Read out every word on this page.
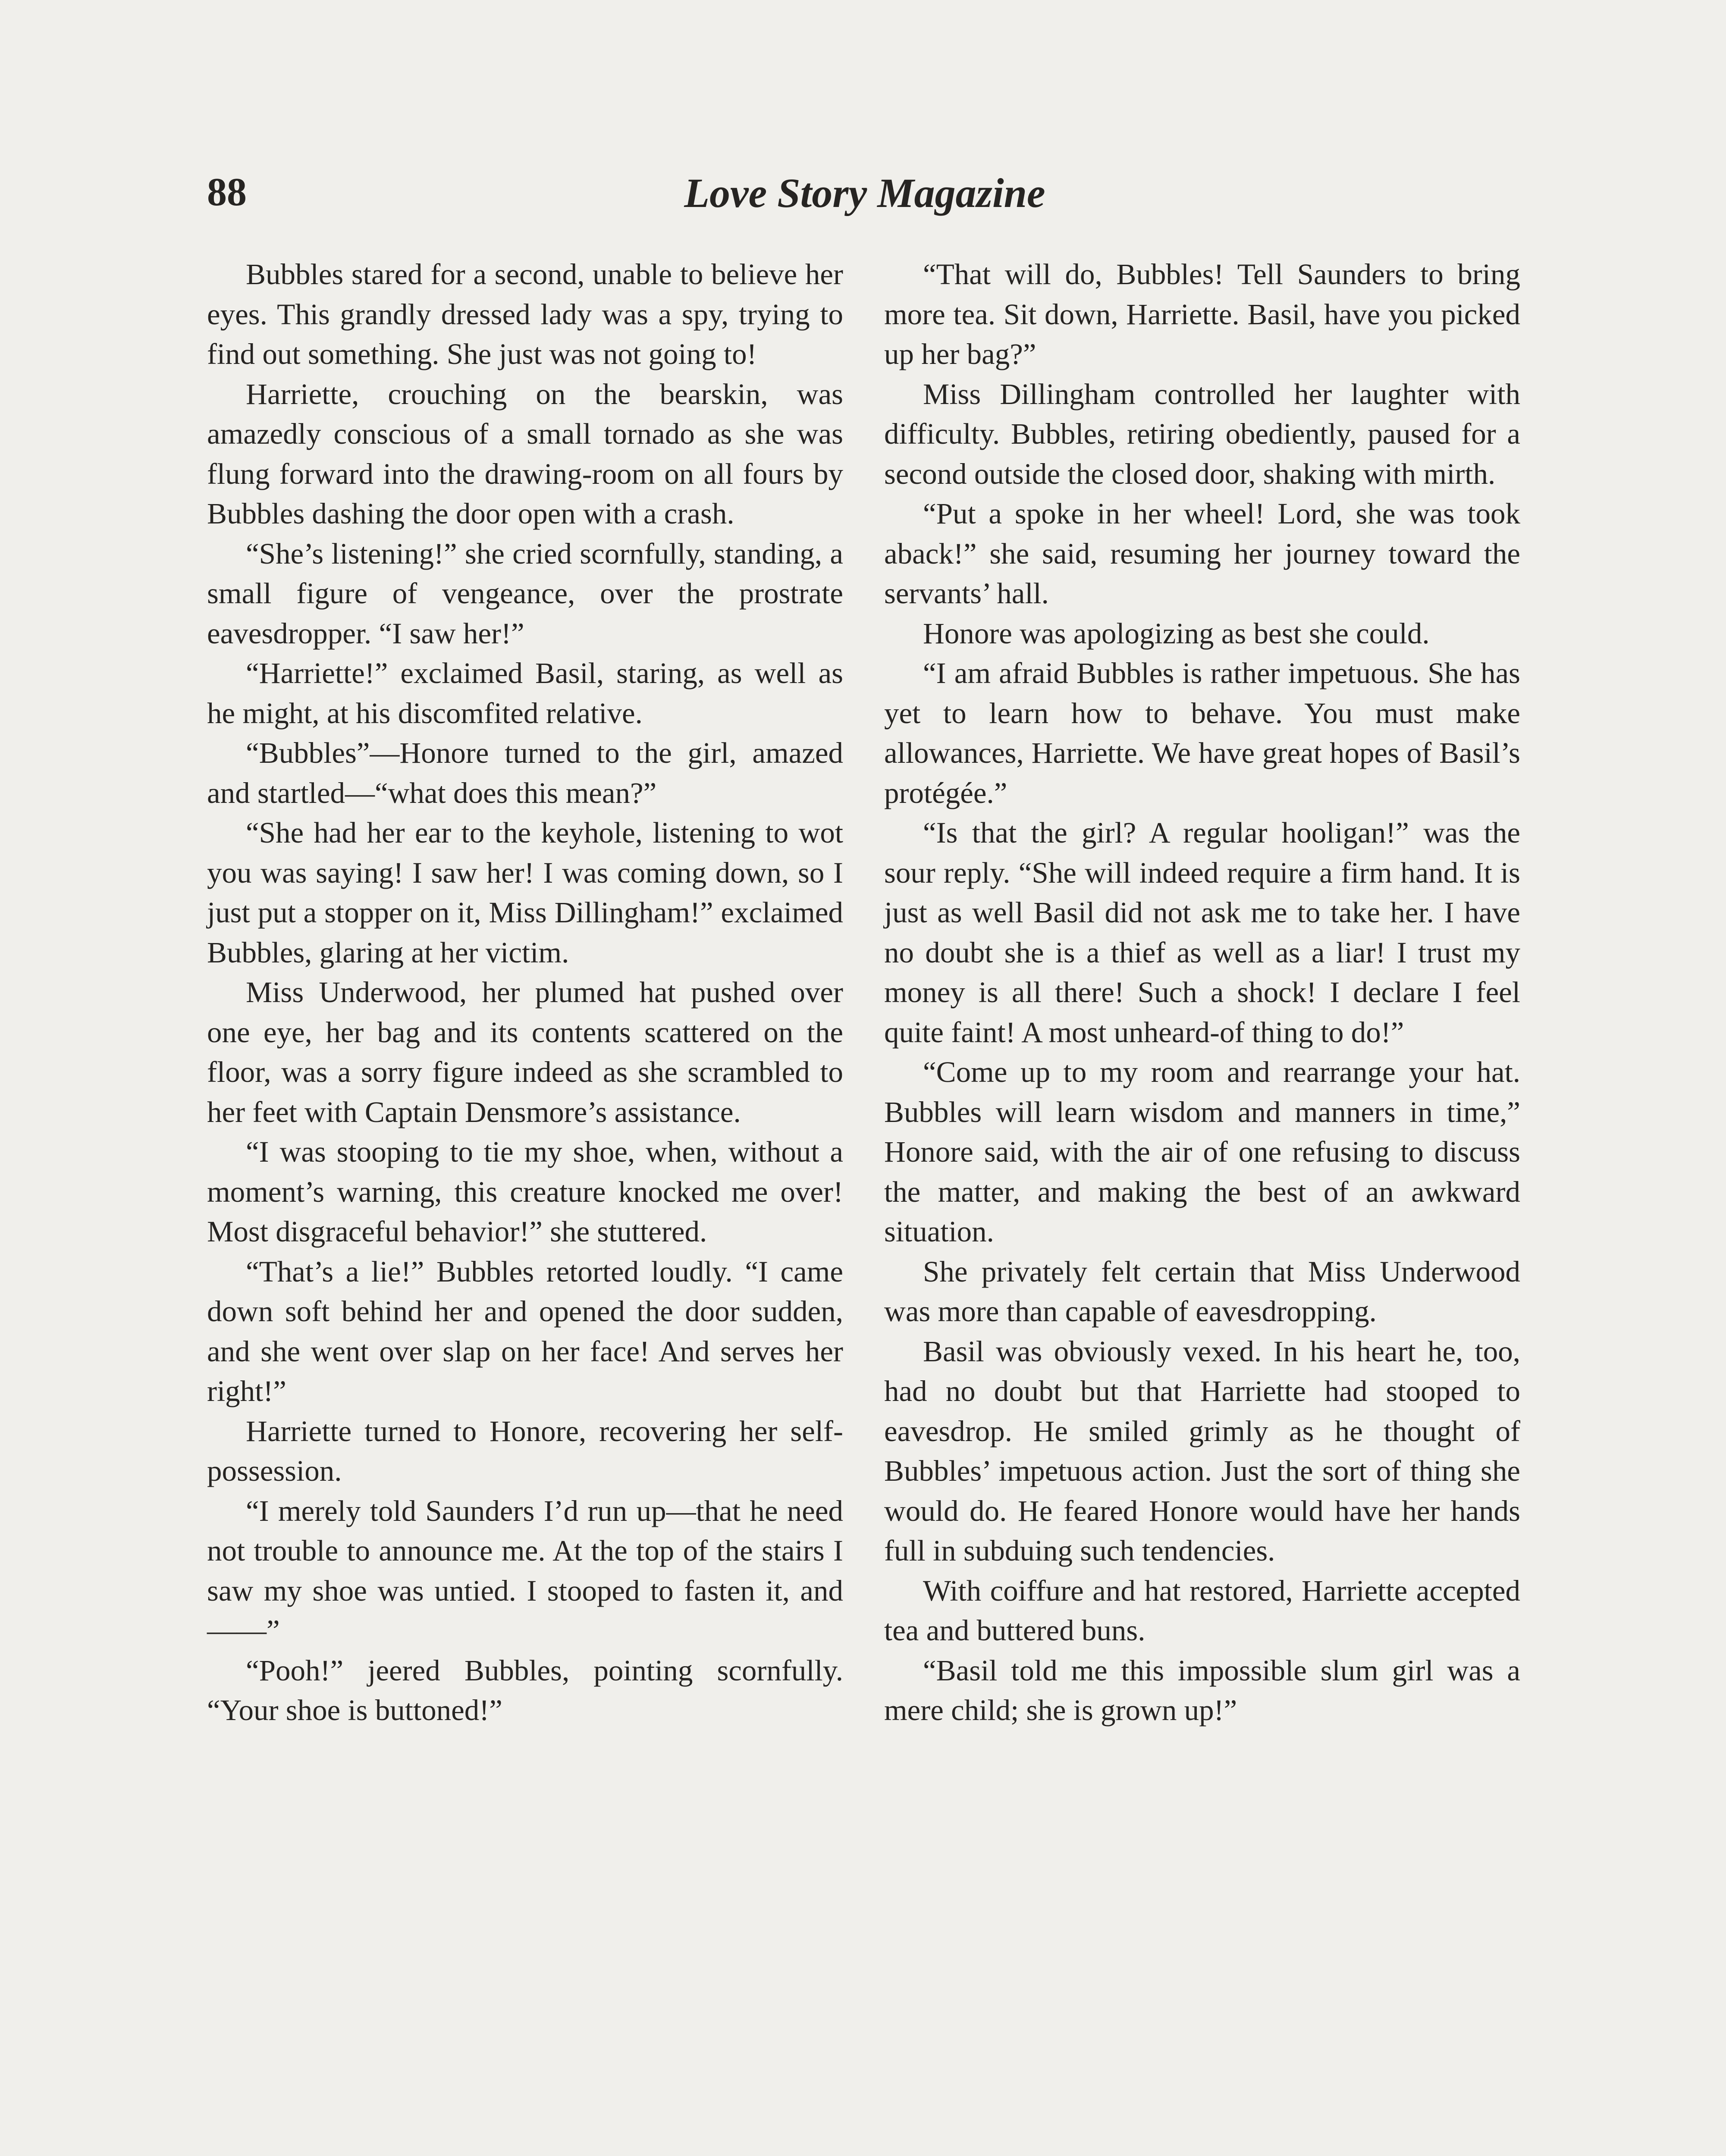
88	Love Story Magazine

Bubbles stared for a second, unable to believe her eyes. This grandly dressed lady was a spy, trying to find out something. She just was not going to!

Harriette, crouching on the bearskin, was amazedly conscious of a small tornado as she was flung forward into the drawing-room on all fours by Bubbles dashing the door open with a crash.

“She’s listening!” she cried scornfully, standing, a small figure of vengeance, over the prostrate eavesdropper. “I saw her!”

“Harriette!” exclaimed Basil, staring, as well as he might, at his discomfited relative.

“Bubbles”—Honore turned to the girl, amazed and startled—“what does this mean?”

“She had her ear to the keyhole, listening to wot you was saying! I saw her! I was coming down, so I just put a stopper on it, Miss Dillingham!” exclaimed Bubbles, glaring at her victim.

Miss Underwood, her plumed hat pushed over one eye, her bag and its contents scattered on the floor, was a sorry figure indeed as she scrambled to her feet with Captain Densmore’s assistance.

“I was stooping to tie my shoe, when, without a moment’s warning, this creature knocked me over! Most disgraceful behavior!” she stuttered.

“That’s a lie!” Bubbles retorted loudly. “I came down soft behind her and opened the door sudden, and she went over slap on her face! And serves her right!”

Harriette turned to Honore, recovering her self-possession.

“I merely told Saunders I’d run up—that he need not trouble to announce me. At the top of the stairs I saw my shoe was untied. I stooped to fasten it, and——”

“Pooh!” jeered Bubbles, pointing scornfully. “Your shoe is buttoned!”

“That will do, Bubbles! Tell Saunders to bring more tea. Sit down, Harriette. Basil, have you picked up her bag?”

Miss Dillingham controlled her laughter with difficulty. Bubbles, retiring obediently, paused for a second outside the closed door, shaking with mirth.

“Put a spoke in her wheel! Lord, she was took aback!” she said, resuming her journey toward the servants’ hall.

Honore was apologizing as best she could.

“I am afraid Bubbles is rather impetuous. She has yet to learn how to behave. You must make allowances, Harriette. We have great hopes of Basil’s protégée.”

“Is that the girl? A regular hooligan!” was the sour reply. “She will indeed require a firm hand. It is just as well Basil did not ask me to take her. I have no doubt she is a thief as well as a liar! I trust my money is all there! Such a shock! I declare I feel quite faint! A most unheard-of thing to do!”

“Come up to my room and rearrange your hat. Bubbles will learn wisdom and manners in time,” Honore said, with the air of one refusing to discuss the matter, and making the best of an awkward situation.

She privately felt certain that Miss Underwood was more than capable of eavesdropping.

Basil was obviously vexed. In his heart he, too, had no doubt but that Harriette had stooped to eavesdrop. He smiled grimly as he thought of Bubbles’ impetuous action. Just the sort of thing she would do. He feared Honore would have her hands full in subduing such tendencies.

With coiffure and hat restored, Harriette accepted tea and buttered buns.

“Basil told me this impossible slum girl was a mere child; she is grown up!”
